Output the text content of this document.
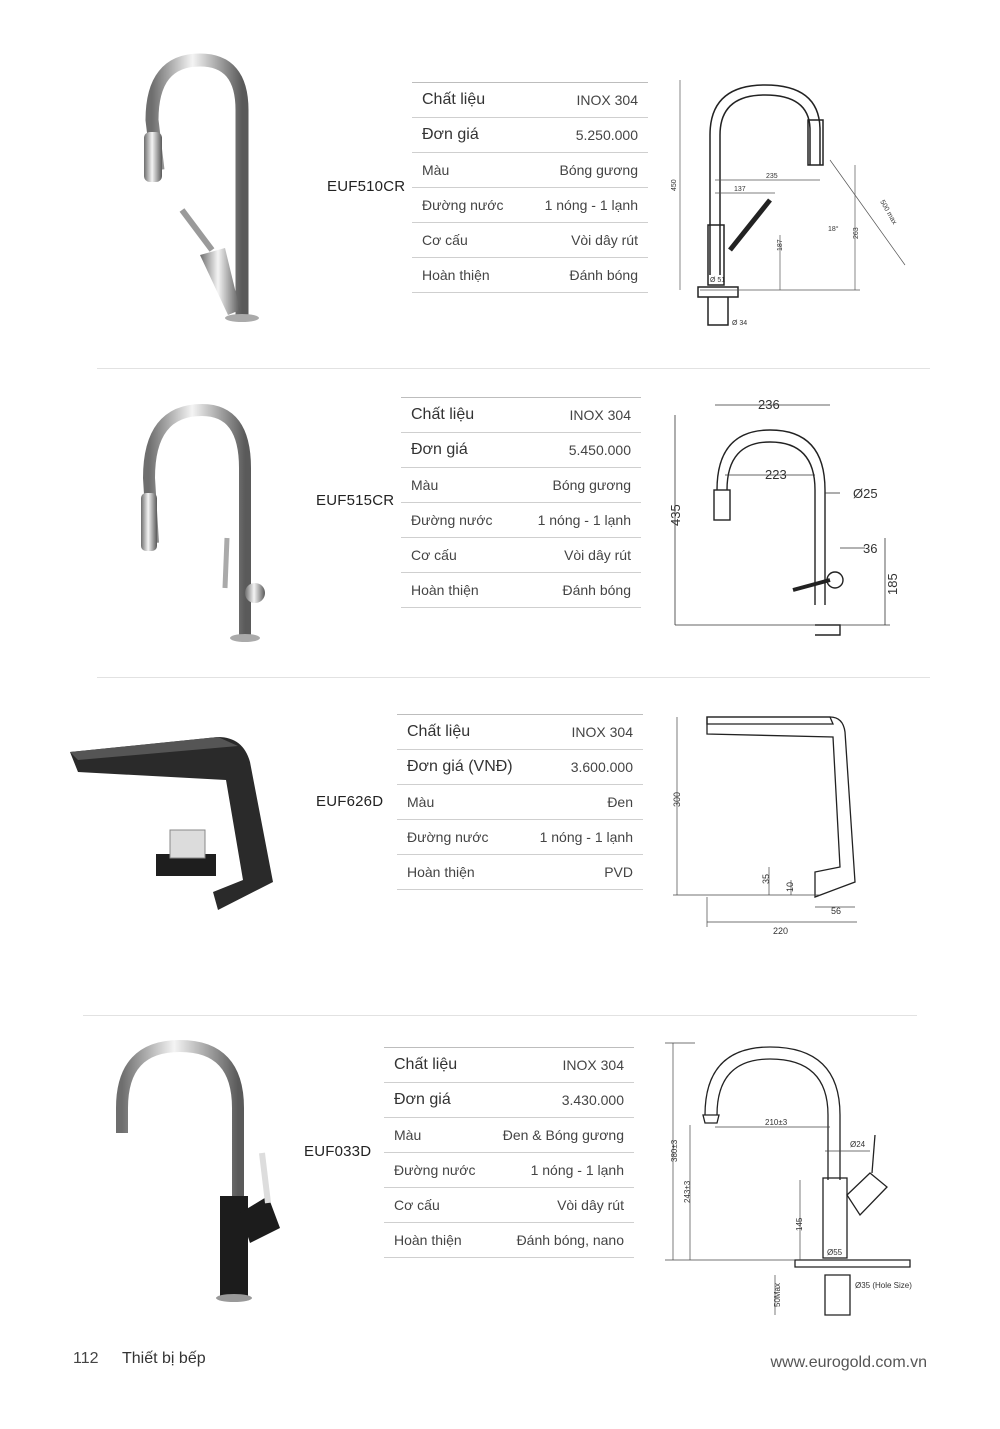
EUF510CR
Chất liệu	INOX 304
Đơn giá	5.250.000
Màu	Bóng gương
Đường nước	1 nóng - 1 lạnh
Cơ cấu	Vòi dây rút
Hoàn thiện	Đánh bóng
450
235
137
187
263
18°
500 max
Ø 51
Ø 34
EUF515CR
Chất liệu	INOX 304
Đơn giá	5.450.000
Màu	Bóng gương
Đường nước	1 nóng - 1 lạnh
Cơ cấu	Vòi dây rút
Hoàn thiện	Đánh bóng
236
223
Ø25
435
36
185
EUF626D
Chất liệu	INOX 304
Đơn giá (VNĐ)	3.600.000
Màu	Đen
Đường nước	1 nóng - 1 lạnh
Hoàn thiện	PVD
300
35
10
220
56
EUF033D
Chất liệu	INOX 304
Đơn giá	3.430.000
Màu	Đen & Bóng gương
Đường nước	1 nóng - 1 lạnh
Cơ cấu	Vòi dây rút
Hoàn thiện	Đánh bóng, nano
210±3
Ø24
380±3
243±3
145
Ø55
Ø35 (Hole Size)
50Max
112 Thiết bị bếp	www.eurogold.com.vn
